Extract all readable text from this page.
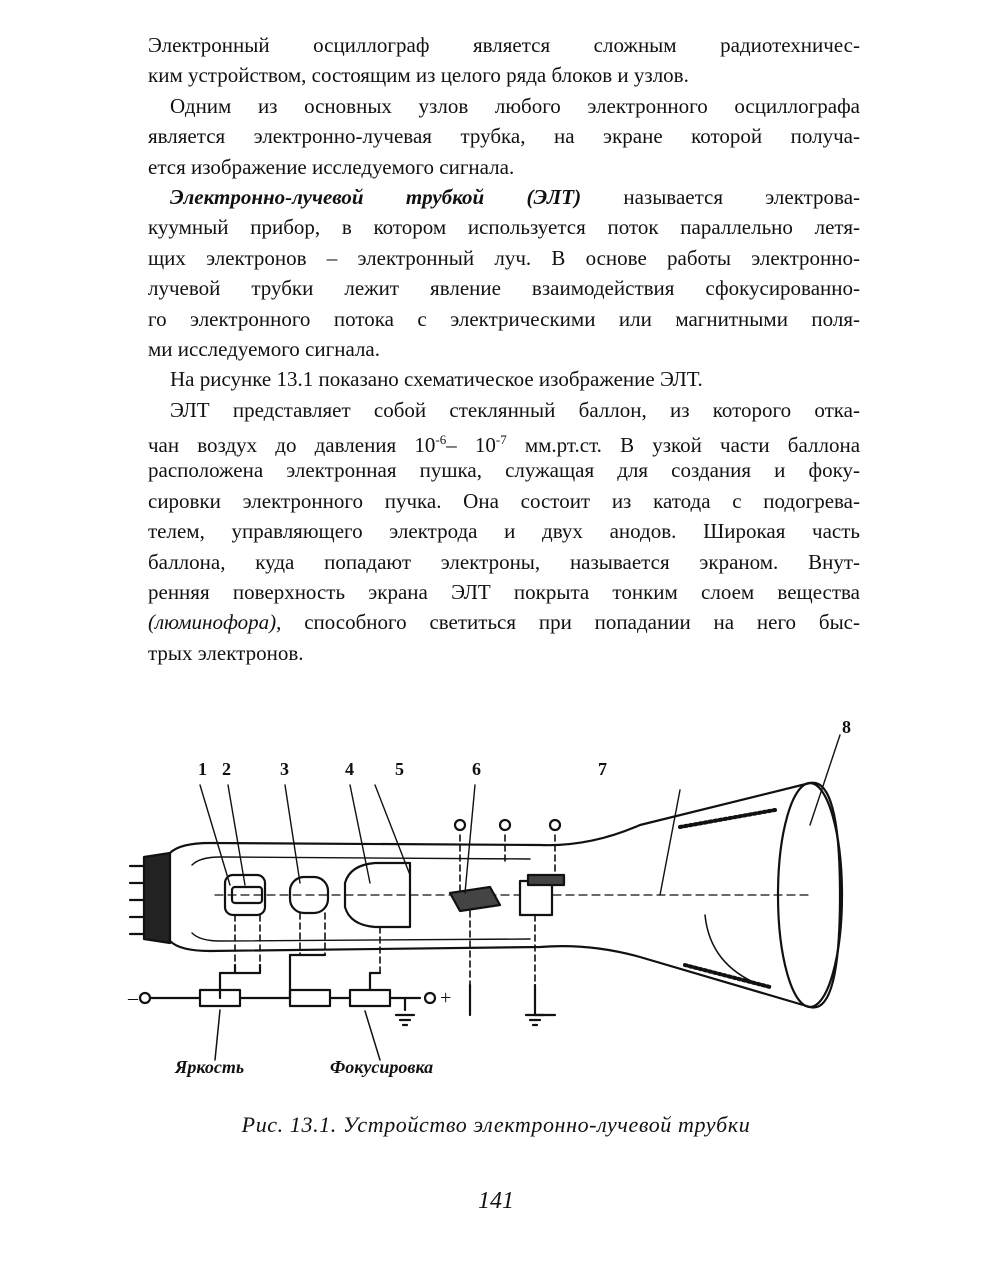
Электронный осциллограф является сложным радиотехничес-
ким устройством, состоящим из целого ряда блоков и узлов.
Одним из основных узлов любого электронного осциллографа
является электронно-лучевая трубка, на экране которой получа-
ется изображение исследуемого сигнала.
Электронно-лучевой трубкой (ЭЛТ) называется электрова-
куумный прибор, в котором используется поток параллельно летя-
щих электронов – электронный луч. В основе работы электронно-
лучевой трубки лежит явление взаимодействия сфокусированно-
го электронного потока с электрическими или магнитными поля-
ми исследуемого сигнала.
На рисунке 13.1 показано схематическое изображение ЭЛТ.
ЭЛТ представляет собой стеклянный баллон, из которого отка-
чан воздух до давления $10^{-6}-$ $10^{-7}$ мм.рт.ст. В узкой части баллона
расположена электронная пушка, служащая для создания и фоку-
сировки электронного пучка. Она состоит из катода с подогрева-
телем, управляющего электрода и двух анодов. Широкая часть
баллона, куда попадают электроны, называется экраном. Внут-
ренняя поверхность экрана ЭЛТ покрыта тонким слоем вещества
(люминофора), способного светиться при попадании на него быс-
трых электронов.
1 2	3	4 5	6	7
8
–	+
Яркость	Фокусировка
Рис. 13.1. Устройство электронно-лучевой трубки
141
